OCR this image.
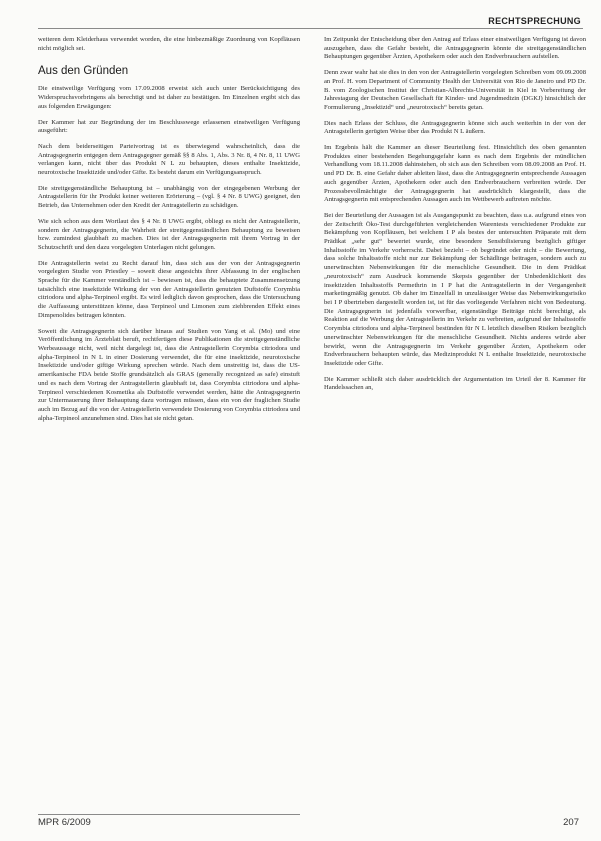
RECHTSPRECHUNG

weiteren dem Kleiderhaus verwendet worden, die eine hinbezmäßige Zuordnung von Kopfläusen nicht möglich sei.

Aus den Gründen

Die einstweilige Verfügung vom 17.09.2008 erweist sich auch unter Berücksichtigung des Widerspruchsvorbringens als berechtigt und ist daher zu bestätigen. Im Einzelnen ergibt sich das aus folgenden Erwägungen:

Der Kammer hat zur Begründung der im Beschlusswege erlassenen einstweiligen Verfügung ausgeführt:

Nach dem beiderseitigen Parteivortrag ist es überwiegend wahrscheinlich, dass die Antragsgegnerin entgegen dem Antragsgegner gemäß §§ 8 Abs. 1, Abs. 3 Nr. 8, 4 Nr. 8, 11 UWG verlangen kann, nicht über das Produkt N L zu behaupten, dieses enthalte Insektizide, neurotoxische Insektizide und/oder Gifte. Es besteht darum ein Verfügungsanspruch.

Die streitgegenständliche Behauptung ist – unabhängig von der eingegebenen Werbung der Antragstellerin für ihr Produkt keiner weiteren Erörterung – (vgl. § 4 Nr. 8 UWG) geeignet, den Betrieb, das Unternehmen oder den Kredit der Antragstellerin zu schädigen.

Wie sich schon aus dem Wortlaut des § 4 Nr. 8 UWG ergibt, obliegt es nicht der Antragstellerin, sondern der Antragsgegnerin, die Wahrheit der streitgegenständlichen Behauptung zu beweisen bzw. zumindest glaubhaft zu machen. Dies ist der Antragsgegnerin mit ihrem Vortrag in der Schutzschrift und den dazu vorgelegten Unterlagen nicht gelungen.

Die Antragstellerin weist zu Recht darauf hin, dass sich aus der von der Antragsgegnerin vorgelegten Studie von Priestley – soweit diese angesichts ihrer Abfassung in der englischen Sprache für die Kammer verständlich ist – bewiesen ist, dass die behauptete Zusammensetzung tatsächlich eine insektizide Wirkung der von der Antragstellerin genutzten Duftstoffe Corymbia citriodora und alpha-Terpineol ergibt. Es wird lediglich davon gesprochen, dass die Untersuchung die Auffassung unterstützen könne, dass Terpineol und Limonen zum ziehbrenden Effekt eines Dimpenolides beitragen könnten.

Soweit die Antragsgegnerin sich darüber hinaus auf Studien von Yang et al. (Mo) und eine Veröffentlichung im Ärzteblatt beruft, rechtfertigen diese Publikationen die streitgegenständliche Werbeaussage nicht, weil nicht dargelegt ist, dass die Antragstellerin Corymbia citriodora und alpha-Terpineol in N L in einer Dosierung verwendet, die für eine insektizide, neurotoxische Insektizide und/oder giftige Wirkung sprechen würde. Nach dem unstreitig ist, dass die US-amerikanische FDA beide Stoffe grundsätzlich als GRAS (generally recognized as safe) einstuft und es nach dem Vortrag der Antragstellerin glaubhaft ist, dass Corymbia citriodora und alpha-Terpineol verschiedenen Kosmetika als Duftstoffe verwendet werden, hätte die Antragsgegnerin zur Untermauerung ihrer Behauptung dazu vortragen müssen, dass ein von der fraglichen Studie auch im Bezug auf die von der Antragstellerin verwendete Dosierung von Corymbia citriodora und alpha-Terpineol anzunehmen sind. Dies hat sie nicht getan.

Im Zeitpunkt der Entscheidung über den Antrag auf Erlass einer einstweiligen Verfügung ist davon auszugehen, dass die Gefahr besteht, die Antragsgegnerin könnte die streitgegenständlichen Behauptungen gegenüber Ärzten, Apothekern oder auch den Endverbrauchern aufstellen.

Denn zwar wahr hat sie dies in den von der Antragstellerin vorgelegten Schreiben vom 09.09.2008 an Prof. H. vom Department of Community Health der Universität von Rio de Janeiro und PD Dr. B. vom Zoologischen Institut der Christian-Albrechts-Universität in Kiel in Vorbereitung der Jahrestagung der Deutschen Gesellschaft für Kinder- und Jugendmedizin (DGKJ) hinsichtlich der Formulierung „Insektizid“ und „neurotoxisch“ bereits getan.

Dies nach Erlass der Schluss, die Antragsgegnerin könne sich auch weiterhin in der von der Antragstellerin gerügten Weise über das Produkt N L äußern.

Im Ergebnis hält die Kammer an dieser Beurteilung fest. Hinsichtlich des oben genannten Produktes einer bestehenden Begehungsgefahr kann es nach dem Ergebnis der mündlichen Verhandlung vom 18.11.2008 dahinstehen, ob sich aus den Schreiben vom 08.09.2008 an Prof. H. und PD Dr. B. eine Gefahr daher ableiten lässt, dass die Antragsgegnerin entsprechende Aussagen auch gegenüber Ärzten, Apothekern oder auch den Endverbrauchern verbreiten würde. Der Prozessbevollmächtigte der Antragsgegnerin hat ausdrücklich klargestellt, dass die Antragsgegnerin mit entsprechenden Aussagen auch im Wettbewerb auftreten möchte.

Bei der Beurteilung der Aussagen ist als Ausgangspunkt zu beachten, dass u.a. aufgrund eines von der Zeitschrift Öko-Test durchgeführten vergleichenden Warentests verschiedener Produkte zur Bekämpfung von Kopfläusen, bei welchem I P als bestes der untersuchten Präparate mit dem Prädikat „sehr gut“ bewertet wurde, eine besondere Sensibilisierung bezüglich giftiger Inhaltsstoffe im Verkehr vorherrscht. Dabei bezieht – ob begründet oder nicht – die Bewertung, dass solche Inhaltsstoffe nicht nur zur Bekämpfung der Schädlinge beitragen, sondern auch zu unerwünschten Nebenwirkungen für die menschliche Gesundheit. Die in dem Prädikat „neurotoxisch“ zum Ausdruck kommende Skepsis gegenüber der Unbedenklichkeit des insektiziden Inhaltsstoffs Permethrin in I P hat die Antragstellerin in der Vergangenheit marketingmäßig genutzt. Ob daher im Einzelfall in unzulässiger Weise das Nebenwirkungsrisiko bei I P übertrieben dargestellt worden ist, ist für das vorliegende Verfahren nicht von Bedeutung. Die Antragsgegnerin ist jedenfalls vorwerfbar, eigenständige Beiträge nicht berechtigt, als Reaktion auf die Werbung der Antragstellerin im Verkehr zu verbreiten, aufgrund der Inhaltsstoffe Corymbia citriodora und alpha-Terpineol bestünden für N L letztlich dieselben Risiken bezüglich unerwünschter Nebenwirkungen für die menschliche Gesundheit. Nichts anderes würde aber bewirkt, wenn die Antragsgegnerin im Verkehr gegenüber Ärzten, Apothekern oder Endverbrauchern behaupten würde, das Medizinprodukt N L enthalte Insektizide, neurotoxische Insektizide oder Gifte.

Die Kammer schließt sich daher ausdrücklich der Argumentation im Urteil der 8. Kammer für Handelssachen an,

MPR 6/2009	207
